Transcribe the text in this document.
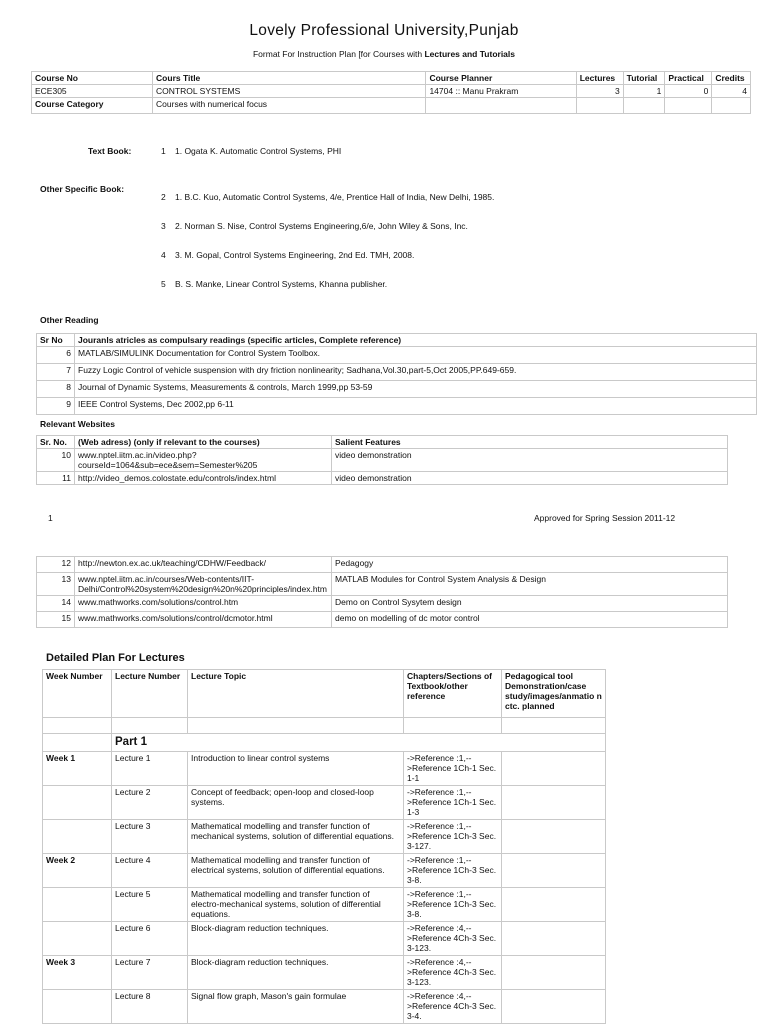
Lovely Professional University,Punjab
Format For Instruction Plan [for Courses with Lectures and Tutorials
Course No	Cours Title	Course Planner	Lectures	Tutorial	Practical	Credits
ECE305	CONTROL SYSTEMS	14704 :: Manu Prakram	3	1	0	4
Course Category	Courses with numerical focus					
Text Book:	1 1. Ogata K. Automatic Control Systems, PHI
Other Specific Book:
2 1. B.C. Kuo, Automatic Control Systems, 4/e, Prentice Hall of India, New Delhi, 1985.
3 2. Norman S. Nise, Control Systems Engineering,6/e, John Wiley & Sons, Inc.
4 3. M. Gopal, Control Systems Engineering, 2nd Ed. TMH, 2008.
5 B. S. Manke, Linear Control Systems, Khanna publisher.
Other Reading
Sr No	Jouranls atricles as compulsary readings (specific articles, Complete reference)
6	MATLAB/SIMULINK Documentation for Control System Toolbox.
7	Fuzzy Logic Control of vehicle suspension with dry friction nonlinearity; Sadhana,Vol.30,part-5,Oct 2005,PP.649-659.
8	Journal of Dynamic Systems, Measurements & controls, March 1999,pp 53-59
9	IEEE Control Systems, Dec 2002,pp 6-11
Relevant Websites
Sr. No.	(Web adress) (only if relevant to the courses)	Salient Features
10	www.nptel.iitm.ac.in/video.php?courseId=1064&sub=ece&sem=Semester%205	video demonstration
11	http://video_demos.colostate.edu/controls/index.html	video demonstration
1	Approved for Spring Session 2011-12
12	http://newton.ex.ac.uk/teaching/CDHW/Feedback/	Pedagogy
13	www.nptel.iitm.ac.in/courses/Web-contents/IIT-Delhi/Control%20system%20design%20n%20principles/index.htm	MATLAB Modules for Control System Analysis & Design
14	www.mathworks.com/solutions/control.htm	Demo on Control Sysytem design
15	www.mathworks.com/solutions/control/dcmotor.html	demo on modelling of dc motor control
Detailed Plan For Lectures
Week Number	Lecture Number	Lecture Topic	Chapters/Sections of Textbook/other reference	Pedagogical tool Demonstration/case study/images/anmatio n ctc. planned

	Part 1			
Week 1	Lecture 1	Introduction to linear control systems	->Reference :1,-->Reference 1Ch-1 Sec. 1-1	
	Lecture 2	Concept of feedback; open-loop and closed-loop systems.	->Reference :1,-->Reference 1Ch-1 Sec. 1-3	
	Lecture 3	Mathematical modelling and transfer function of mechanical systems, solution of differential equations.	->Reference :1,-->Reference 1Ch-3 Sec. 3-127.	
Week 2	Lecture 4	Mathematical modelling and transfer function of electrical systems, solution of differential equations.	->Reference :1,-->Reference 1Ch-3 Sec. 3-8.	
	Lecture 5	Mathematical modelling and transfer function of electro-mechanical systems, solution of differential equations.	->Reference :1,-->Reference 1Ch-3 Sec. 3-8.	
	Lecture 6	Block-diagram reduction techniques.	->Reference :4,-->Reference 4Ch-3 Sec. 3-123.	
Week 3	Lecture 7	Block-diagram reduction techniques.	->Reference :4,-->Reference 4Ch-3 Sec. 3-123.	
	Lecture 8	Signal flow graph, Mason's gain formulae	->Reference :4,-->Reference 4Ch-3 Sec. 3-4.	
